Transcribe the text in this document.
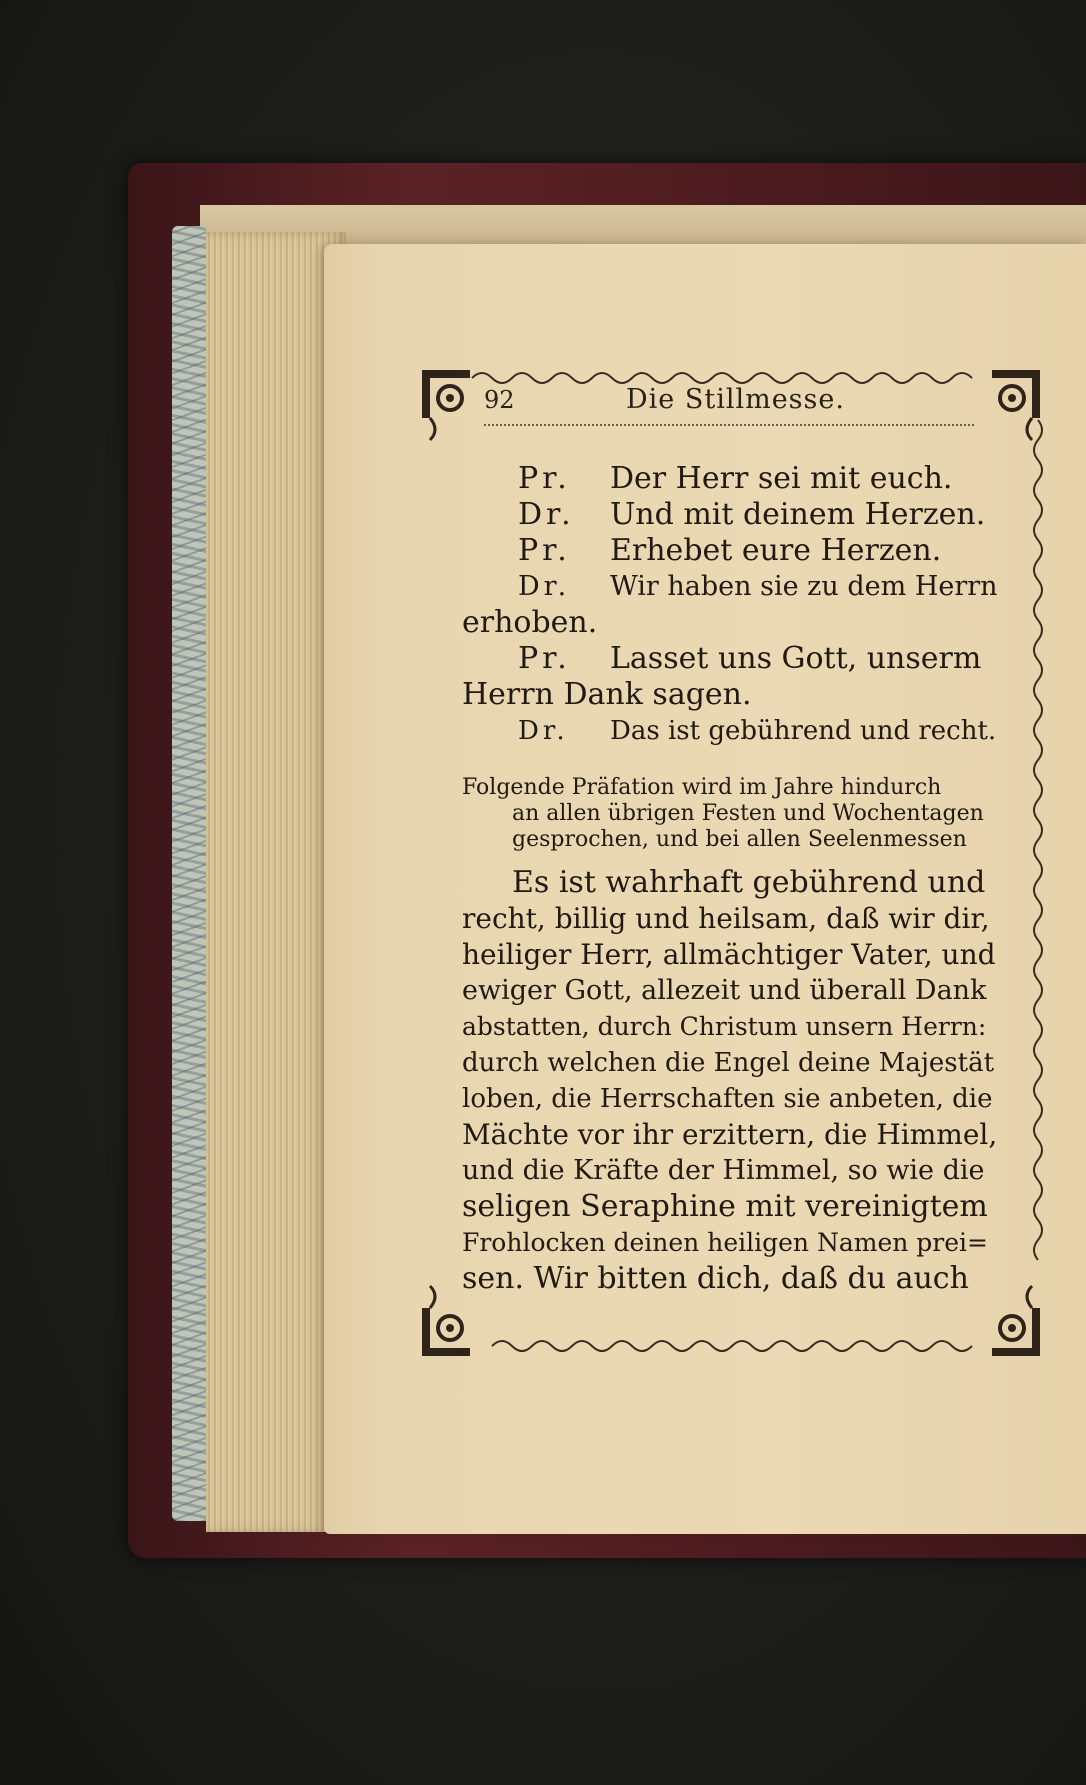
92	Die Stillmesse.
Pr. Der Herr sei mit euch.
Dr. Und mit deinem Herzen.
Pr. Erhebet eure Herzen.
Dr. Wir haben sie zu dem Herrn
erhoben.
Pr. Lasset uns Gott, unserm
Herrn Dank sagen.
Dr. Das ist gebührend und recht.
Folgende Präfation wird im Jahre hindurch
an allen übrigen Festen und Wochentagen
gesprochen, und bei allen Seelenmessen
Es ist wahrhaft gebührend und
recht, billig und heilsam, daß wir dir,
heiliger Herr, allmächtiger Vater, und
ewiger Gott, allezeit und überall Dank
abstatten, durch Christum unsern Herrn:
durch welchen die Engel deine Majestät
loben, die Herrschaften sie anbeten, die
Mächte vor ihr erzittern, die Himmel,
und die Kräfte der Himmel, so wie die
seligen Seraphine mit vereinigtem
Frohlocken deinen heiligen Namen prei=
sen. Wir bitten dich, daß du auch
